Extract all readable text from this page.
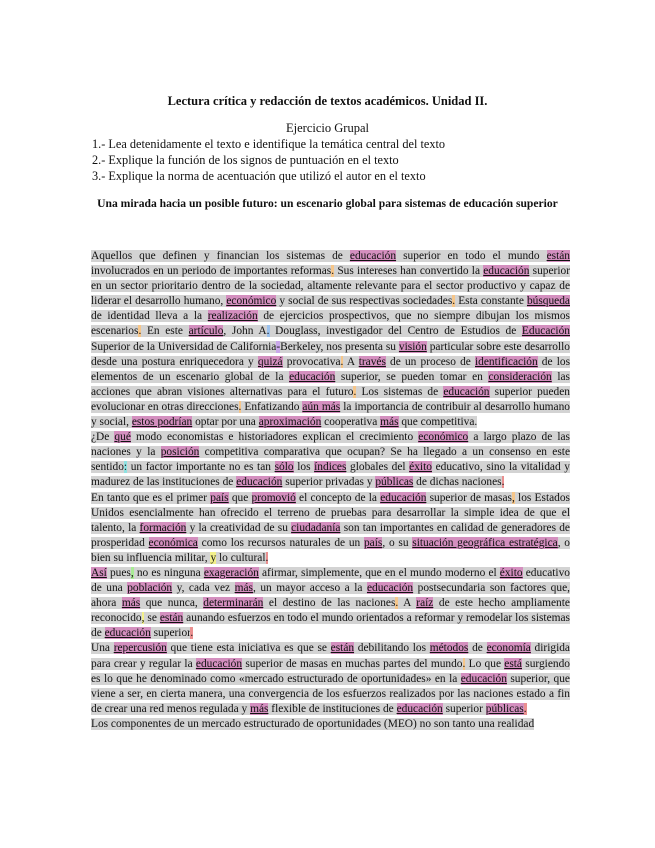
Lectura crítica y redacción de textos académicos. Unidad II.
Ejercicio Grupal
1.- Lea detenidamente el texto e identifique la temática central del texto
2.- Explique la función de los signos de puntuación en el texto
3.- Explique la norma de acentuación que utilizó el autor en el texto
Una mirada hacia un posible futuro: un escenario global para sistemas de educación superior

Aquellos que definen y financian los sistemas de educación superior en todo el mundo están involucrados en un periodo de importantes reformas. Sus intereses han convertido la educación superior en un sector prioritario dentro de la sociedad, altamente relevante para el sector productivo y capaz de liderar el desarrollo humano, económico y social de sus respectivas sociedades. Esta constante búsqueda de identidad lleva a la realización de ejercicios prospectivos, que no siempre dibujan los mismos escenarios. En este artículo, John A. Douglass, investigador del Centro de Estudios de Educación Superior de la Universidad de California-Berkeley, nos presenta su visión particular sobre este desarrollo desde una postura enriquecedora y quizá provocativa. A través de un proceso de identificación de los elementos de un escenario global de la educación superior, se pueden tomar en consideración las acciones que abran visiones alternativas para el futuro. Los sistemas de educación superior pueden evolucionar en otras direcciones. Enfatizando aún más la importancia de contribuir al desarrollo humano y social, estos podrían optar por una aproximación cooperativa más que competitiva.

¿De qué modo economistas e historiadores explican el crecimiento económico a largo plazo de las naciones y la posición competitiva comparativa que ocupan? Se ha llegado a un consenso en este sentido: un factor importante no es tan sólo los índices globales del éxito educativo, sino la vitalidad y madurez de las instituciones de educación superior privadas y públicas de dichas naciones.

En tanto que es el primer país que promovió el concepto de la educación superior de masas, los Estados Unidos esencialmente han ofrecido el terreno de pruebas para desarrollar la simple idea de que el talento, la formación y la creatividad de su ciudadanía son tan importantes en calidad de generadores de prosperidad económica como los recursos naturales de un país, o su situación geográfica estratégica, o bien su influencia militar, y lo cultural.

Así pues, no es ninguna exageración afirmar, simplemente, que en el mundo moderno el éxito educativo de una población y, cada vez más, un mayor acceso a la educación postsecundaria son factores que, ahora más que nunca, determinarán el destino de las naciones. A raíz de este hecho ampliamente reconocido, se están aunando esfuerzos en todo el mundo orientados a reformar y remodelar los sistemas de educación superior.

Una repercusión que tiene esta iniciativa es que se están debilitando los métodos de economía dirigida para crear y regular la educación superior de masas en muchas partes del mundo. Lo que está surgiendo es lo que he denominado como «mercado estructurado de oportunidades» en la educación superior, que viene a ser, en cierta manera, una convergencia de los esfuerzos realizados por las naciones estado a fin de crear una red menos regulada y más flexible de instituciones de educación superior públicas.

Los componentes de un mercado estructurado de oportunidades (MEO) no son tanto una realidad
